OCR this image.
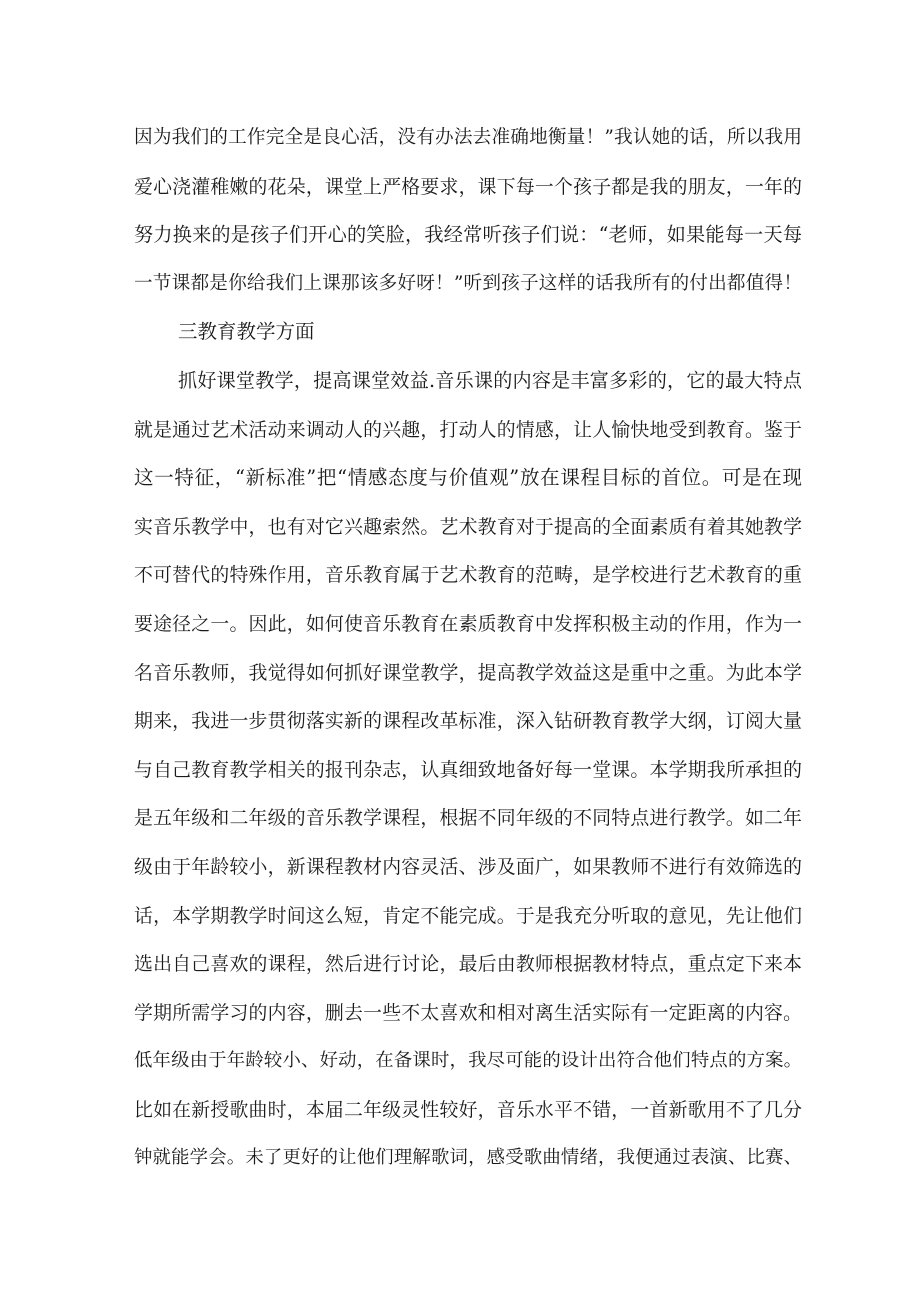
因为我们的工作完全是良心活，没有办法去准确地衡量！”我认她的话，所以我用
爱心浇灌稚嫩的花朵，课堂上严格要求，课下每一个孩子都是我的朋友，一年的
努力换来的是孩子们开心的笑脸，我经常听孩子们说：“老师，如果能每一天每
一节课都是你给我们上课那该多好呀！”听到孩子这样的话我所有的付出都值得！
三教育教学方面
抓好课堂教学，提高课堂效益.音乐课的内容是丰富多彩的，它的最大特点
就是通过艺术活动来调动人的兴趣，打动人的情感，让人愉快地受到教育。鉴于
这一特征，“新标准”把“情感态度与价值观”放在课程目标的首位。可是在现
实音乐教学中，也有对它兴趣索然。艺术教育对于提高的全面素质有着其她教学
不可替代的特殊作用，音乐教育属于艺术教育的范畴，是学校进行艺术教育的重
要途径之一。因此，如何使音乐教育在素质教育中发挥积极主动的作用，作为一
名音乐教师，我觉得如何抓好课堂教学，提高教学效益这是重中之重。为此本学
期来，我进一步贯彻落实新的课程改革标准，深入钻研教育教学大纲，订阅大量
与自己教育教学相关的报刊杂志，认真细致地备好每一堂课。本学期我所承担的
是五年级和二年级的音乐教学课程，根据不同年级的不同特点进行教学。如二年
级由于年龄较小，新课程教材内容灵活、涉及面广，如果教师不进行有效筛选的
话，本学期教学时间这么短，肯定不能完成。于是我充分听取的意见，先让他们
选出自己喜欢的课程，然后进行讨论，最后由教师根据教材特点，重点定下来本
学期所需学习的内容，删去一些不太喜欢和相对离生活实际有一定距离的内容。
低年级由于年龄较小、好动，在备课时，我尽可能的设计出符合他们特点的方案。
比如在新授歌曲时，本届二年级灵性较好，音乐水平不错，一首新歌用不了几分
钟就能学会。未了更好的让他们理解歌词，感受歌曲情绪，我便通过表演、比赛、
